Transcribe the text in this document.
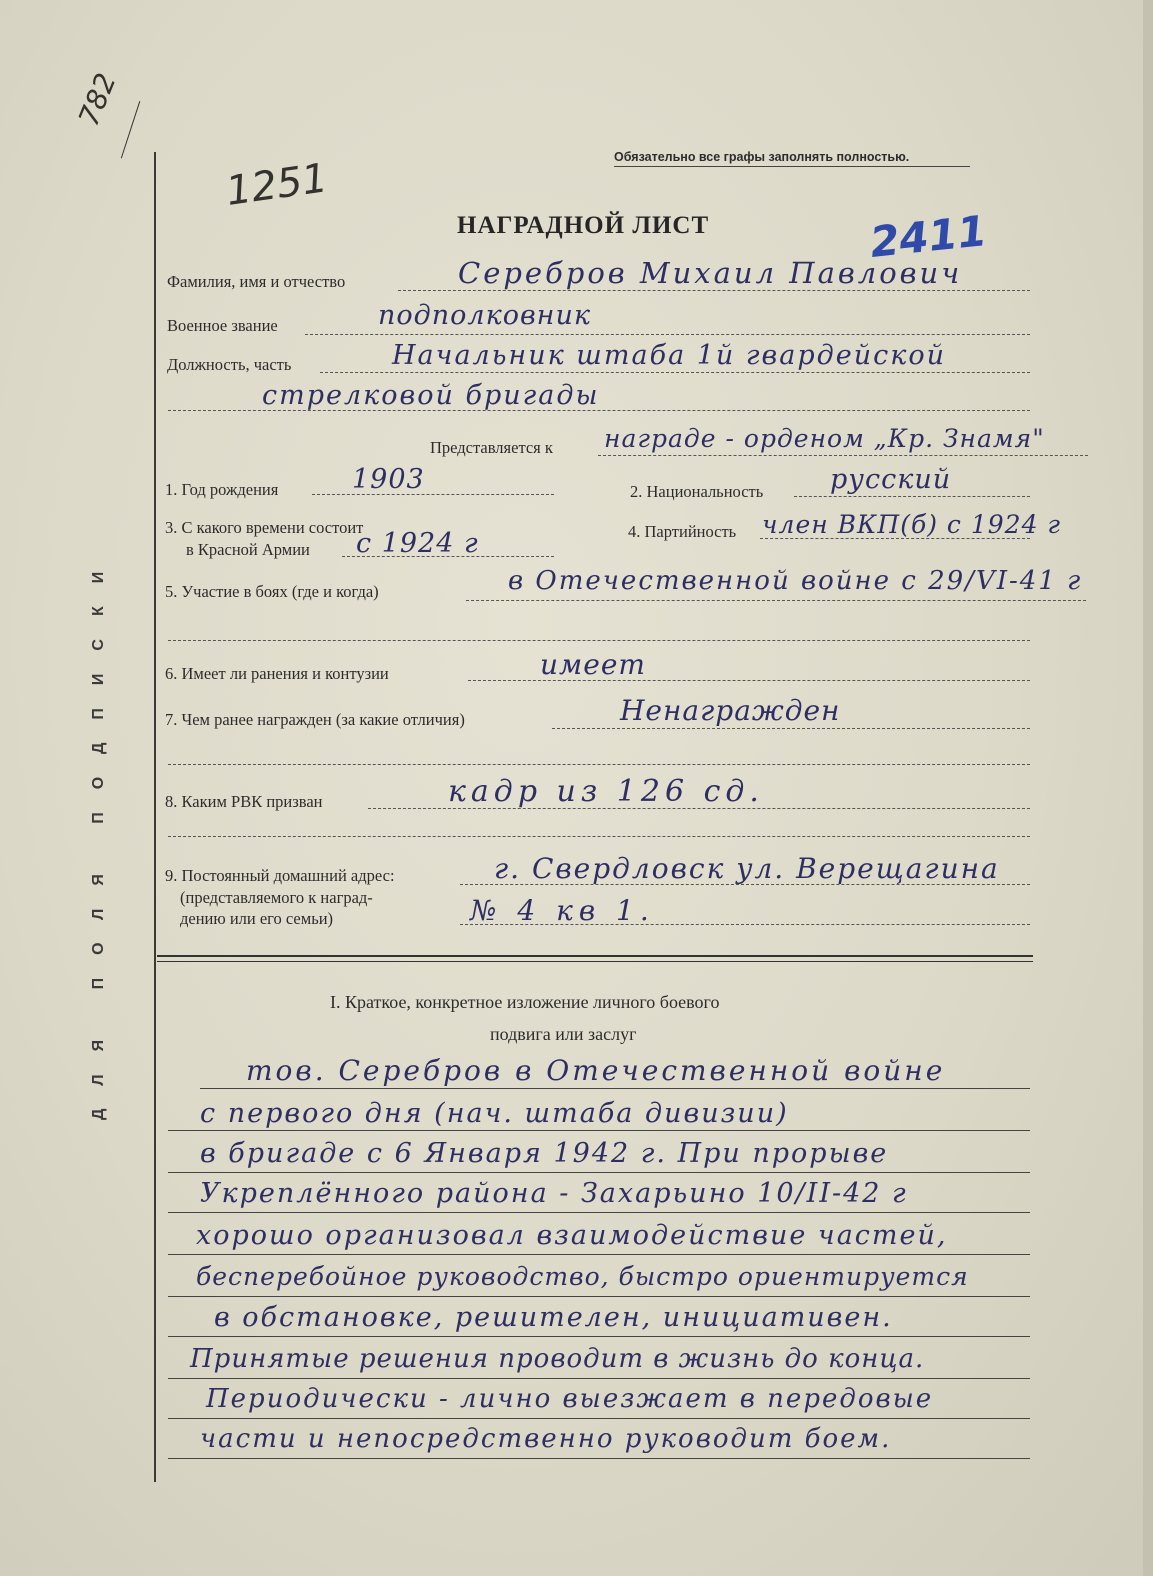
ДЛЯ ПОЛЯ ПОДПИСКИ
782
1251	Обязательно все графы заполнять полностью.
НАГРАДНОЙ ЛИСТ	2411
Фамилия, имя и отчество	Серебров Михаил Павлович
Военное звание	подполковник
Должность, часть	Начальник штаба 1й гвардейской
стрелковой бригады
Представляется к награде - орденом „Кр. Знамя"
1. Год рождения	1903	2. Национальность русский
3. С какого времени состоит
в Красной Армии с 1924 г	4. Партийность член ВКП(б) с 1924 г
5. Участие в боях (где и когда)	в Отечественной войне с 29/VI-41 г
6. Имеет ли ранения и контузии	имеет
7. Чем ранее награжден (за какие отличия)	Ненагражден
8. Каким РВК призван	кадр из 126 сд.
9. Постоянный домашний адрес:
(представляемого к наград-
дению или его семьи)
г. Свердловск ул. Верещагина
№ 4 кв 1.
I. Краткое, конкретное изложение личного боевого
подвига или заслуг
тов. Серебров в Отечественной войне
с первого дня (нач. штаба дивизии)
в бригаде с 6 Января 1942 г. При прорыве
Укреплённого района - Захарьино 10/II-42 г
хорошо организовал взаимодействие частей,
бесперебойное руководство, быстро ориентируется
в обстановке, решителен, инициативен.
Принятые решения проводит в жизнь до конца.
Периодически - лично выезжает в передовые
части и непосредственно руководит боем.
